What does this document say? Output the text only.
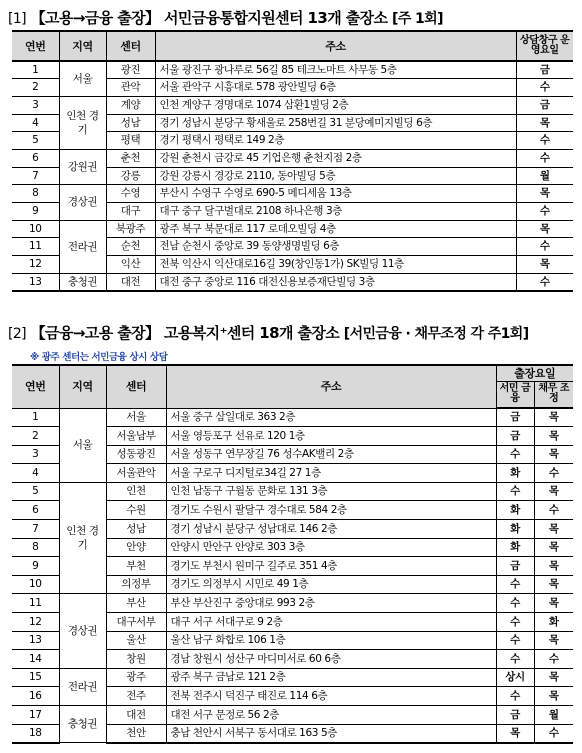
[1] 【고용→금융 출장】 서민금융통합지원센터 13개 출장소 [주 1회]
연번	지역	센터	주소	상담창구 운영요일
1	서울	광진	서울 광진구 광나루로 56길 85 테크노마트 사무동 5층	금
2		관악	서울 관악구 시흥대로 578 광안빌딩 6층	수
3	인천 경기	계양	인천 계양구 경명대로 1074 삼환1빌딩 2층	금
4		성남	경기 성남시 분당구 황새울로 258번길 31 분당예미지빌딩 6층	목
5		평택	경기 평택시 평택로 149 2층	수
6	강원권	춘천	강원 춘천시 금강로 45 기업은행 춘천지점 2층	수
7		강릉	강원 강릉시 경강로 2110, 동아빌딩 5층	월
8	경상권	수영	부산시 수영구 수영로 690-5 메디세움 13층	목
9		대구	대구 중구 달구벌대로 2108 하나은행 3층	수
10	전라권	북광주	광주 북구 북문대로 117 로데오빌딩 4층	목
11		순천	전남 순천시 중앙로 39 동양생명빌딩 6층	수
12		익산	전북 익산시 익산대로16길 39(창인동1가) SK빌딩 11층	목
13	충청권	대전	대전 중구 중앙로 116 대전신용보증재단빌딩 3층	수
[2] 【금융→고용 출장】 고용복지⁺센터 18개 출장소 [서민금융 · 채무조정 각 주1회]
※ 광주 센터는 서민금융 상시 상담
연번	지역	센터	주소	출장요일	
				서민 금융	채무 조정
1	서울	서울	서울 중구 삼일대로 363 2층	금	목
2		서울남부	서울 영등포구 선유로 120 1층	금	목
3		성동광진	서울 성동구 연무장길 76 성수AK밸리 2층	수	목
4		서울관악	서울 구로구 디지털로34길 27 1층	화	수
5	인천 경기	인천	인천 남동구 구월동 문화로 131 3층	수	목
6		수원	경기도 수원시 팔달구 경수대로 584 2층	화	수
7		성남	경기 성남시 분당구 성남대로 146 2층	화	목
8		안양	안양시 만안구 안양로 303 3층	화	목
9		부천	경기도 부천시 원미구 길주로 351 4층	금	목
10		의정부	경기도 의정부시 시민로 49 1층	수	목
11	경상권	부산	부산 부산진구 중앙대로 993 2층	수	목
12		대구서부	대구 서구 서대구로 9 2층	수	화
13		울산	울산 남구 화합로 106 1층	수	목
14		창원	경남 창원시 성산구 마디미서로 60 6층	수	수
15	전라권	광주	광주 북구 금남로 121 2층	상시	목
16		전주	전북 전주시 덕진구 태진로 114 6층	수	목
17	충청권	대전	대전 서구 문정로 56 2층	금	월
18		천안	충남 천안시 서북구 동서대로 163 5층	목	수
